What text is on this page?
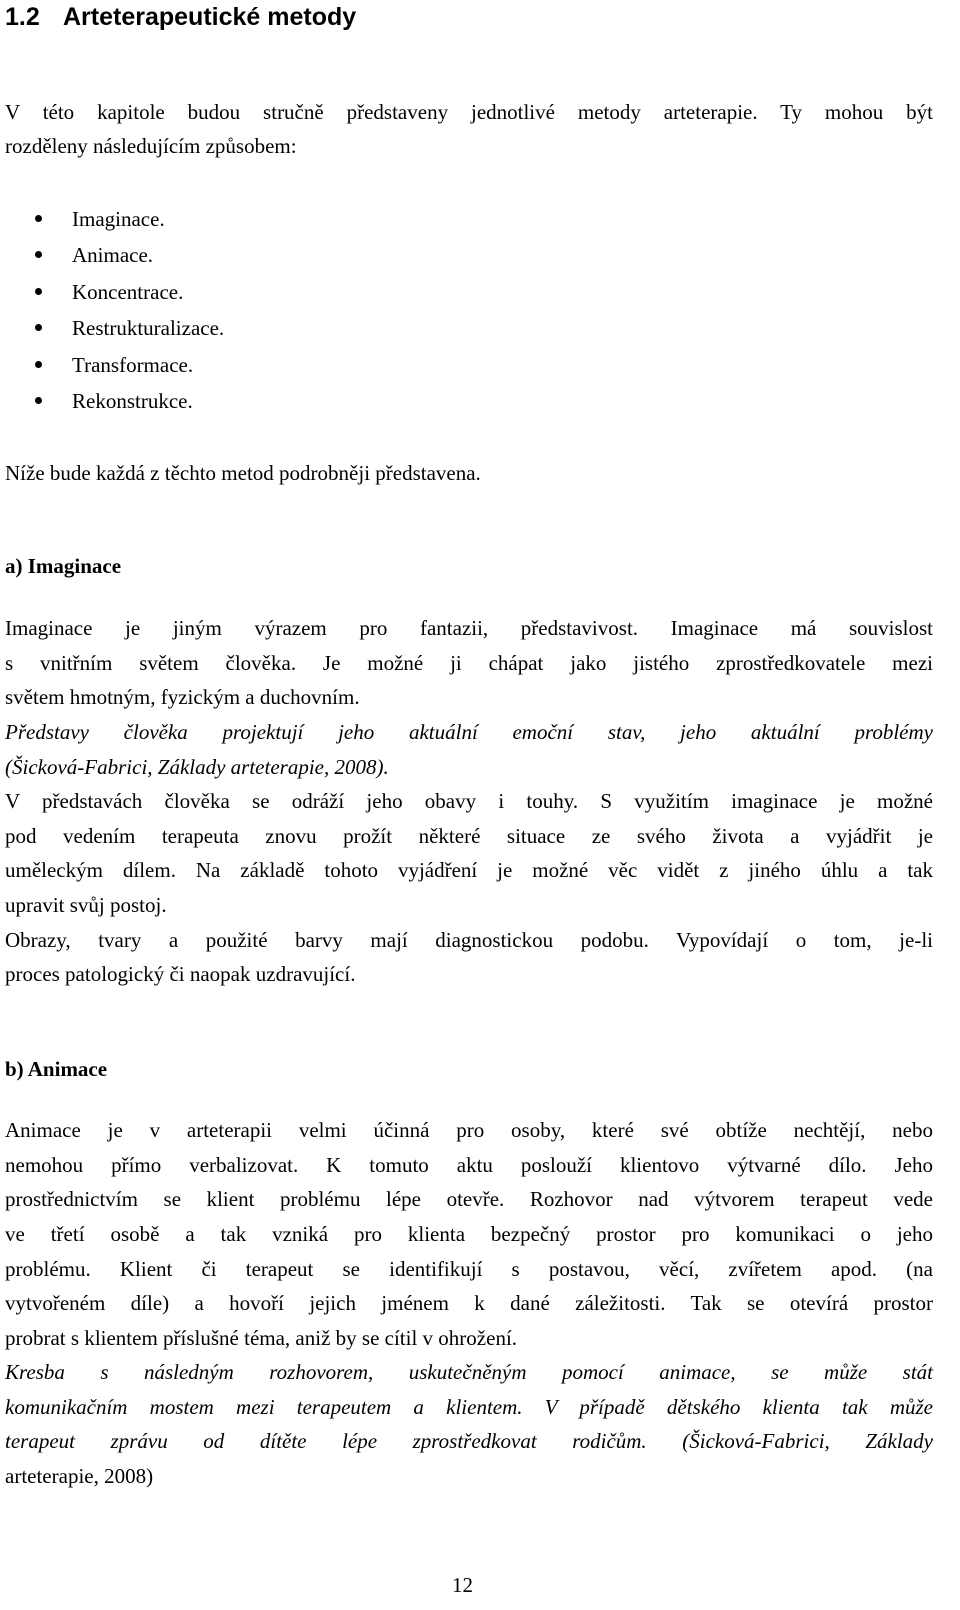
1.2 Arteterapeutické metody
V této kapitole budou stručně představeny jednotlivé metody arteterapie. Ty mohou být
rozděleny následujícím způsobem:
Imaginace.
Animace.
Koncentrace.
Restrukturalizace.
Transformace.
Rekonstrukce.
Níže bude každá z těchto metod podrobněji představena.
a) Imaginace
Imaginace je jiným výrazem pro fantazii, představivost. Imaginace má souvislost
s vnitřním světem člověka. Je možné ji chápat jako jistého zprostředkovatele mezi
světem hmotným, fyzickým a duchovním.
Představy člověka projektují jeho aktuální emoční stav, jeho aktuální problémy
(Šicková-Fabrici, Základy arteterapie, 2008).
V představách člověka se odráží jeho obavy i touhy. S využitím imaginace je možné
pod vedením terapeuta znovu prožít některé situace ze svého života a vyjádřit je
uměleckým dílem. Na základě tohoto vyjádření je možné věc vidět z jiného úhlu a tak
upravit svůj postoj.
Obrazy, tvary a použité barvy mají diagnostickou podobu. Vypovídají o tom, je-li
proces patologický či naopak uzdravující.
b) Animace
Animace je v arteterapii velmi účinná pro osoby, které své obtíže nechtějí, nebo
nemohou přímo verbalizovat. K tomuto aktu poslouží klientovo výtvarné dílo. Jeho
prostřednictvím se klient problému lépe otevře. Rozhovor nad výtvorem terapeut vede
ve třetí osobě a tak vzniká pro klienta bezpečný prostor pro komunikaci o jeho
problému. Klient či terapeut se identifikují s postavou, věcí, zvířetem apod. (na
vytvořeném díle) a hovoří jejich jménem k dané záležitosti. Tak se otevírá prostor
probrat s klientem příslušné téma, aniž by se cítil v ohrožení.
Kresba s následným rozhovorem, uskutečněným pomocí animace, se může stát
komunikačním mostem mezi terapeutem a klientem. V případě dětského klienta tak může
terapeut zprávu od dítěte lépe zprostředkovat rodičům. (Šicková-Fabrici, Základy
arteterapie, 2008)
12
